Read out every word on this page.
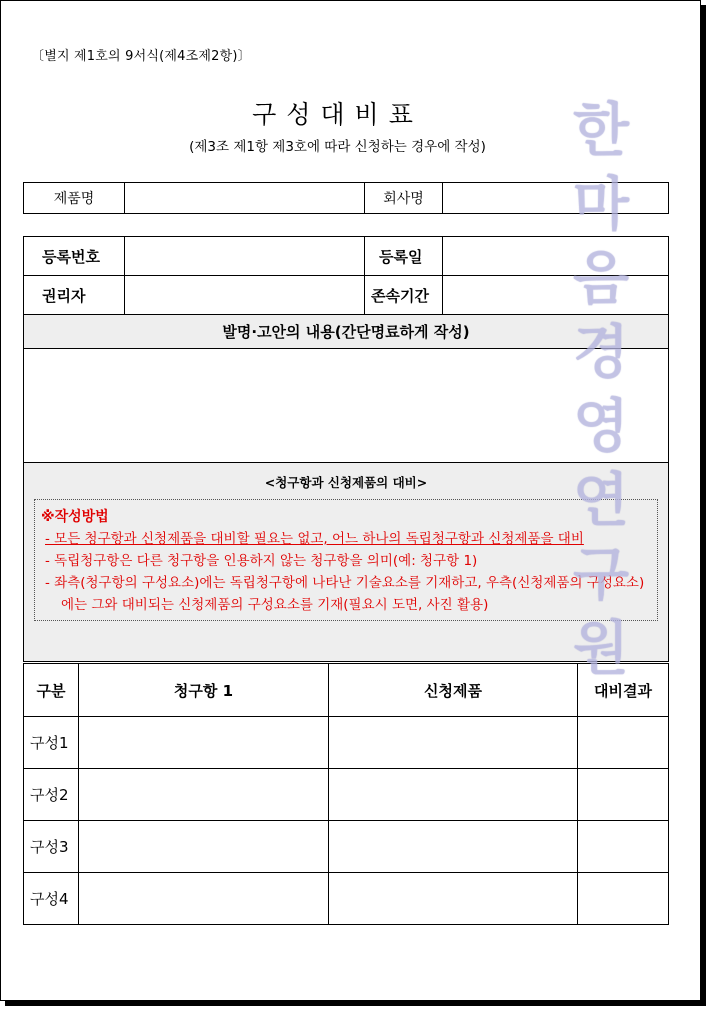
〔별지 제1호의 9서식(제4조제2항)〕
구성대비표
(제3조 제1항 제3호에 따라 신청하는 경우에 작성)
제품명		회사명	
등록번호		등록일	
권리자		존속기간	
발명·고안의 내용(간단명료하게 작성)			

<청구항과 신청제품의 대비>
※작성방법
- 모든 청구항과 신청제품을 대비할 필요는 없고, 어느 하나의 독립청구항과 신청제품을 대비
- 독립청구항은 다른 청구항을 인용하지 않는 청구항을 의미(예: 청구항 1)
- 좌측(청구항의 구성요소)에는 독립청구항에 나타난 기술요소를 기재하고, 우측(신청제품의 구성요소)에는 그와 대비되는 신청제품의 구성요소를 기재(필요시 도면, 사진 활용)			
구분	청구항 1	신청제품	대비결과
구성1			
구성2			
구성3			
구성4			
한
마
음
경
영
연
구
원
